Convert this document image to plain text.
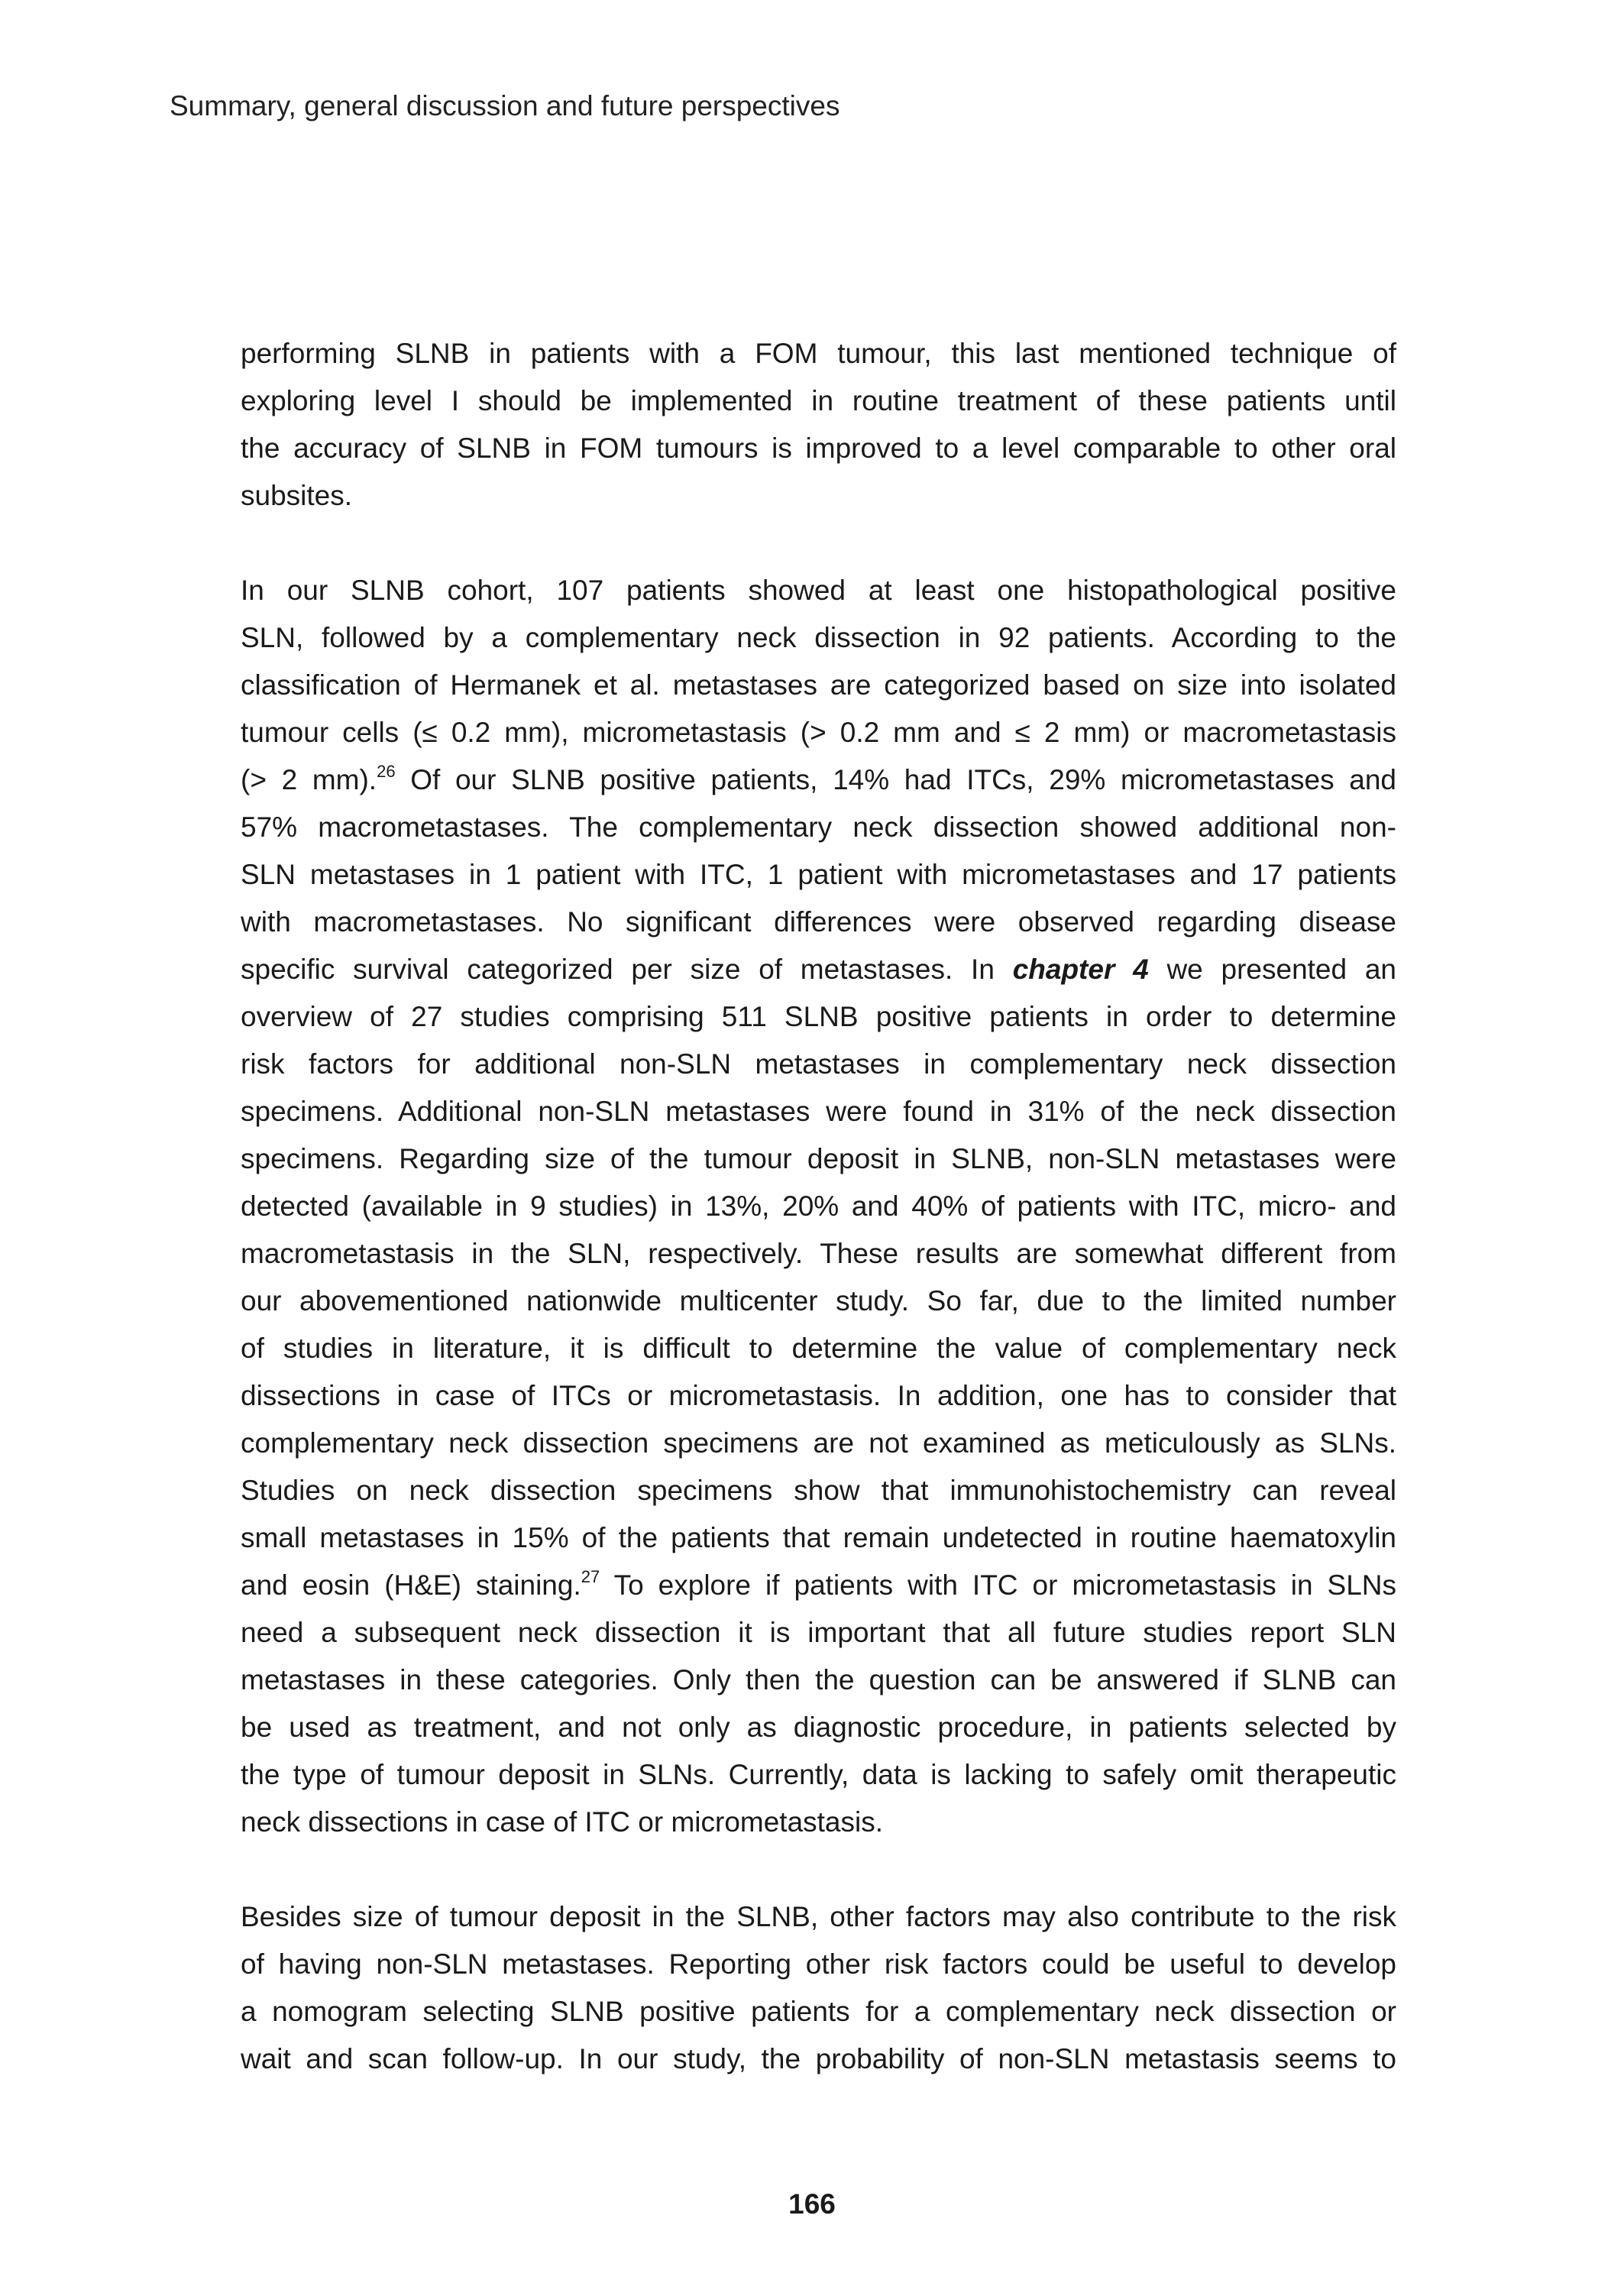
Summary, general discussion and future perspectives
performing SLNB in patients with a FOM tumour, this last mentioned technique of
exploring level I should be implemented in routine treatment of these patients until
the accuracy of SLNB in FOM tumours is improved to a level comparable to other oral
subsites.
In our SLNB cohort, 107 patients showed at least one histopathological positive
SLN, followed by a complementary neck dissection in 92 patients. According to the
classification of Hermanek et al. metastases are categorized based on size into isolated
tumour cells (≤ 0.2 mm), micrometastasis (> 0.2 mm and ≤ 2 mm) or macrometastasis
(> 2 mm).$^{26}$ Of our SLNB positive patients, 14% had ITCs, 29% micrometastases and
57% macrometastases. The complementary neck dissection showed additional non-
SLN metastases in 1 patient with ITC, 1 patient with micrometastases and 17 patients
with macrometastases. No significant differences were observed regarding disease
specific survival categorized per size of metastases. In chapter 4 we presented an
overview of 27 studies comprising 511 SLNB positive patients in order to determine
risk factors for additional non-SLN metastases in complementary neck dissection
specimens. Additional non-SLN metastases were found in 31% of the neck dissection
specimens. Regarding size of the tumour deposit in SLNB, non-SLN metastases were
detected (available in 9 studies) in 13%, 20% and 40% of patients with ITC, micro- and
macrometastasis in the SLN, respectively. These results are somewhat different from
our abovementioned nationwide multicenter study. So far, due to the limited number
of studies in literature, it is difficult to determine the value of complementary neck
dissections in case of ITCs or micrometastasis. In addition, one has to consider that
complementary neck dissection specimens are not examined as meticulously as SLNs.
Studies on neck dissection specimens show that immunohistochemistry can reveal
small metastases in 15% of the patients that remain undetected in routine haematoxylin
and eosin (H&E) staining.$^{27}$ To explore if patients with ITC or micrometastasis in SLNs
need a subsequent neck dissection it is important that all future studies report SLN
metastases in these categories. Only then the question can be answered if SLNB can
be used as treatment, and not only as diagnostic procedure, in patients selected by
the type of tumour deposit in SLNs. Currently, data is lacking to safely omit therapeutic
neck dissections in case of ITC or micrometastasis.
Besides size of tumour deposit in the SLNB, other factors may also contribute to the risk
of having non-SLN metastases. Reporting other risk factors could be useful to develop
a nomogram selecting SLNB positive patients for a complementary neck dissection or
wait and scan follow-up. In our study, the probability of non-SLN metastasis seems to
166
